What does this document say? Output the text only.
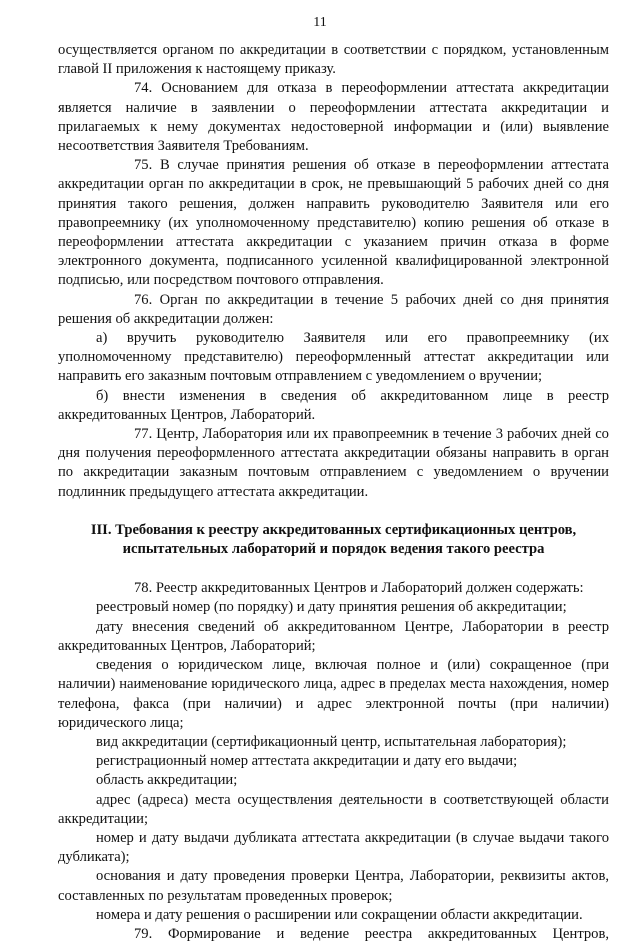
11

осуществляется органом по аккредитации в соответствии с порядком, установленным главой II приложения к настоящему приказу.

74. Основанием для отказа в переоформлении аттестата аккредитации является наличие в заявлении о переоформлении аттестата аккредитации и прилагаемых к нему документах недостоверной информации и (или) выявление несоответствия Заявителя Требованиям.

75. В случае принятия решения об отказе в переоформлении аттестата аккредитации орган по аккредитации в срок, не превышающий 5 рабочих дней со дня принятия такого решения, должен направить руководителю Заявителя или его правопреемнику (их уполномоченному представителю) копию решения об отказе в переоформлении аттестата аккредитации с указанием причин отказа в форме электронного документа, подписанного усиленной квалифицированной электронной подписью, или посредством почтового отправления.

76. Орган по аккредитации в течение 5 рабочих дней со дня принятия решения об аккредитации должен:

а) вручить руководителю Заявителя или его правопреемнику (их уполномоченному представителю) переоформленный аттестат аккредитации или направить его заказным почтовым отправлением с уведомлением о вручении;

б) внести изменения в сведения об аккредитованном лице в реестр аккредитованных Центров, Лабораторий.

77. Центр, Лаборатория или их правопреемник в течение 3 рабочих дней со дня получения переоформленного аттестата аккредитации обязаны направить в орган по аккредитации заказным почтовым отправлением с уведомлением о вручении подлинник предыдущего аттестата аккредитации.

III. Требования к реестру аккредитованных сертификационных центров, испытательных лабораторий и порядок ведения такого реестра

78. Реестр аккредитованных Центров и Лабораторий должен содержать:

реестровый номер (по порядку) и дату принятия решения об аккредитации;

дату внесения сведений об аккредитованном Центре, Лаборатории в реестр аккредитованных Центров, Лабораторий;

сведения о юридическом лице, включая полное и (или) сокращенное (при наличии) наименование юридического лица, адрес в пределах места нахождения, номер телефона, факса (при наличии) и адрес электронной почты (при наличии) юридического лица;

вид аккредитации (сертификационный центр, испытательная лаборатория);

регистрационный номер аттестата аккредитации и дату его выдачи;

область аккредитации;

адрес (адреса) места осуществления деятельности в соответствующей области аккредитации;

номер и дату выдачи дубликата аттестата аккредитации (в случае выдачи такого дубликата);

основания и дату проведения проверки Центра, Лаборатории, реквизиты актов, составленных по результатам проведенных проверок;

номера и дату решения о расширении или сокращении области аккредитации.

79. Формирование и ведение реестра аккредитованных Центров,
